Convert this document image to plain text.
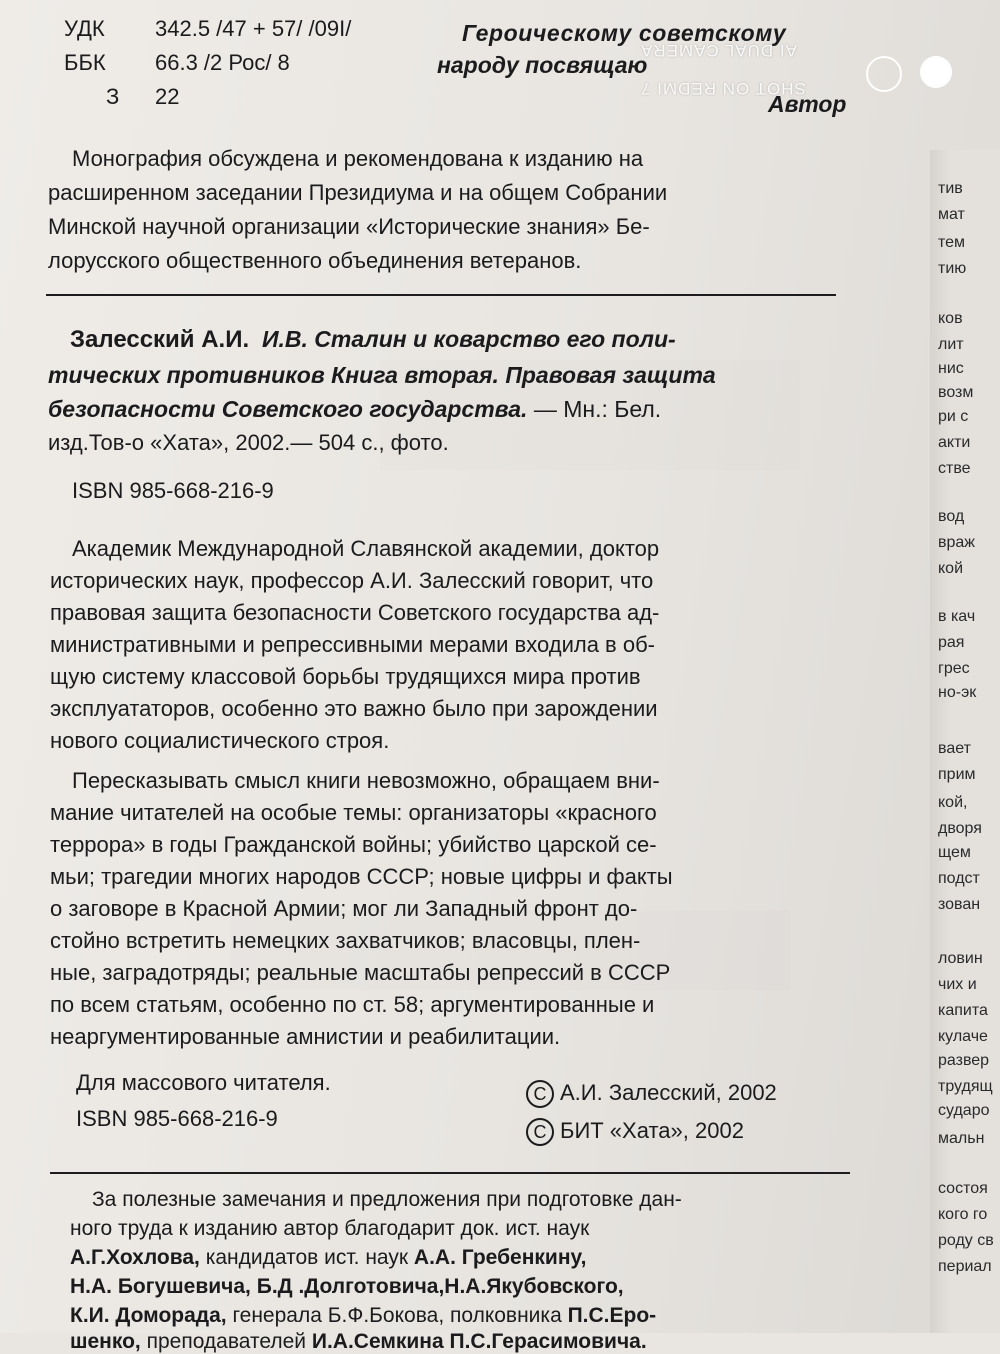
УДК 342.5 /47 + 57/ /09I/
ББК 66.3 /2 Рос/ 8
З 22
Героическому советскому
народу посвящаю
Автор
AI DUAL CAMERA
SHOT ON REDMI 7
Монография обсуждена и рекомендована к изданию на
расширенном заседании Президиума и на общем Собрании
Минской научной организации «Исторические знания» Бе-
лорусского общественного объединения ветеранов.
Залесский А.И. И.В. Сталин и коварство его поли-
тических противников Книга вторая. Правовая защита
безопасности Советского государства. — Мн.: Бел.
изд.Тов-о «Хата», 2002.— 504 с., фото.
ISBN 985-668-216-9
Академик Международной Славянской академии, доктор
исторических наук, профессор А.И. Залесский говорит, что
правовая защита безопасности Советского государства ад-
министративными и репрессивными мерами входила в об-
щую систему классовой борьбы трудящихся мира против
эксплуататоров, особенно это важно было при зарождении
нового социалистического строя.
Пересказывать смысл книги невозможно, обращаем вни-
мание читателей на особые темы: организаторы «красного
террора» в годы Гражданской войны; убийство царской се-
мьи; трагедии многих народов СССР; новые цифры и факты
о заговоре в Красной Армии; мог ли Западный фронт до-
стойно встретить немецких захватчиков; власовцы, плен-
ные, заградотряды; реальные масштабы репрессий в СССР
по всем статьям, особенно по ст. 58; аргументированные и
неаргументированные амнистии и реабилитации.
Для массового читателя.
ISBN 985-668-216-9
C А.И. Залесский, 2002
C БИТ «Хата», 2002
За полезные замечания и предложения при подготовке дан-
ного труда к изданию автор благодарит док. ист. наук
А.Г.Хохлова, кандидатов ист. наук А.А. Гребенкину,
Н.А. Богушевича, Б.Д .Долготовича,Н.А.Якубовского,
К.И. Доморада, генерала Б.Ф.Бокова, полковника П.С.Еро-
шенко, преподавателей И.А.Семкина П.С.Герасимовича.
тив
мат
тем
тию
ков
лит
нис
возм
ри с
акти
стве
вод
враж
кой
в кач
рая
грес
но-эк
вает
прим
кой,
дворя
щем
подст
зован
ловин
чих и
капита
кулаче
развер
трудящ
сударо
мальн
состоя
кого го
роду св
периал
